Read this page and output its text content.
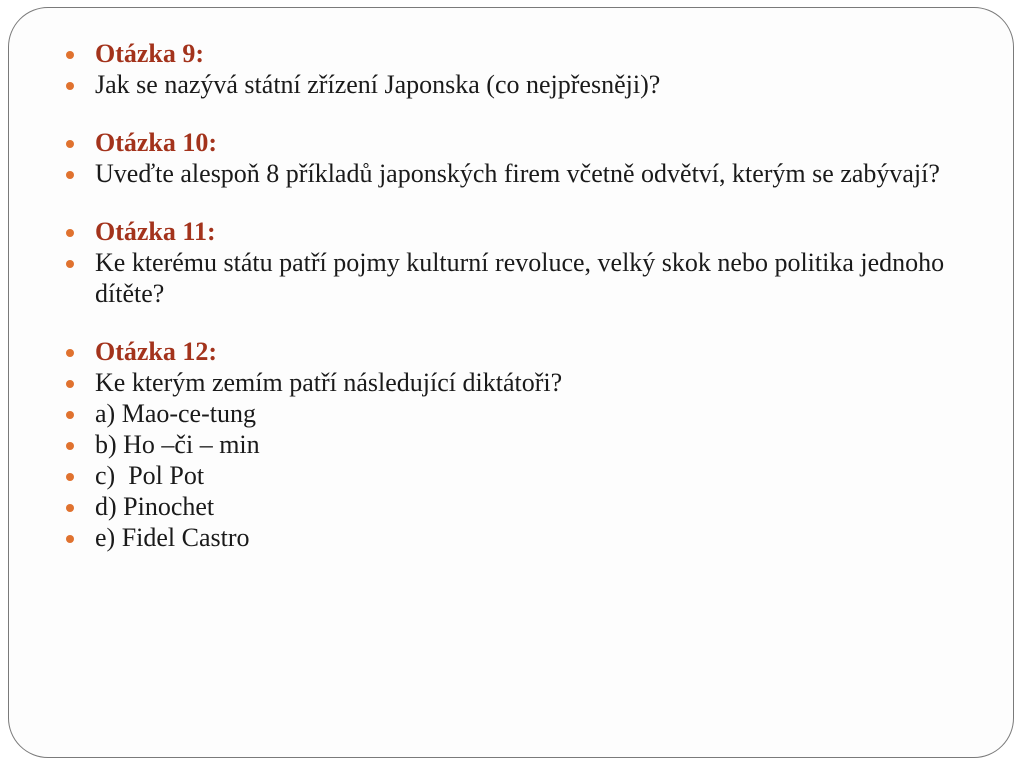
Otázka 9:
Jak se nazývá státní zřízení Japonska (co nejpřesněji)?
Otázka 10:
Uveďte alespoň 8 příkladů japonských firem včetně odvětví, kterým se zabývají?
Otázka 11:
Ke kterému státu patří pojmy kulturní revoluce, velký skok nebo politika jednoho dítěte?
Otázka 12:
Ke kterým zemím patří následující diktátoři?
a) Mao-ce-tung
b) Ho –či – min
c)  Pol Pot
d) Pinochet
e) Fidel Castro
